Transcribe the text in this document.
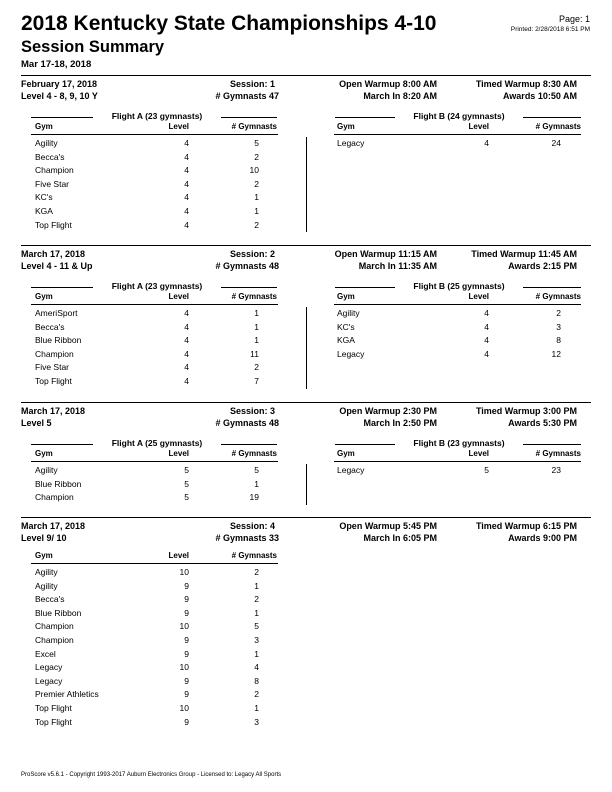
2018 Kentucky State Championships 4-10
Session Summary
Mar 17-18, 2018
Page: 1
Printed: 2/28/2018 6:51 PM
February 17, 2018	Session: 1	Open Warmup 8:00 AM	Timed Warmup 8:30 AM
Level 4 - 8, 9, 10 Y	# Gymnasts 47	March In 8:20 AM	Awards 10:50 AM
Flight A (23 gymnasts)	Flight B (24 gymnasts)
Gym	Level	# Gymnasts	Gym	Level	# Gymnasts
Agility	4	5
Becca's	4	2
Champion	4	10
Five Star	4	2
KC's	4	1
KGA	4	1
Top Flight	4	2
Legacy	4	24
March 17, 2018	Session: 2	Open Warmup 11:15 AM	Timed Warmup 11:45 AM
Level 4 - 11 & Up	# Gymnasts 48	March In 11:35 AM	Awards 2:15 PM
Flight A (23 gymnasts)	Flight B (25 gymnasts)
Gym	Level	# Gymnasts	Gym	Level	# Gymnasts
AmeriSport	4	1
Becca's	4	1
Blue Ribbon	4	1
Champion	4	11
Five Star	4	2
Top Flight	4	7
Agility	4	2
KC's	4	3
KGA	4	8
Legacy	4	12
March 17, 2018	Session: 3	Open Warmup 2:30 PM	Timed Warmup 3:00 PM
Level 5	# Gymnasts 48	March In 2:50 PM	Awards 5:30 PM
Flight A (25 gymnasts)	Flight B (23 gymnasts)
Gym	Level	# Gymnasts	Gym	Level	# Gymnasts
Agility	5	5
Blue Ribbon	5	1
Champion	5	19
Legacy	5	23
March 17, 2018	Session: 4	Open Warmup 5:45 PM	Timed Warmup 6:15 PM
Level 9/ 10	# Gymnasts 33	March In 6:05 PM	Awards 9:00 PM
Gym	Level	# Gymnasts
Agility	10	2
Agility	9	1
Becca's	9	2
Blue Ribbon	9	1
Champion	10	5
Champion	9	3
Excel	9	1
Legacy	10	4
Legacy	9	8
Premier Athletics	9	2
Top Flight	10	1
Top Flight	9	3
ProScore v5.6.1 - Copyright 1993-2017 Auburn Electronics Group - Licensed to: Legacy All Sports
